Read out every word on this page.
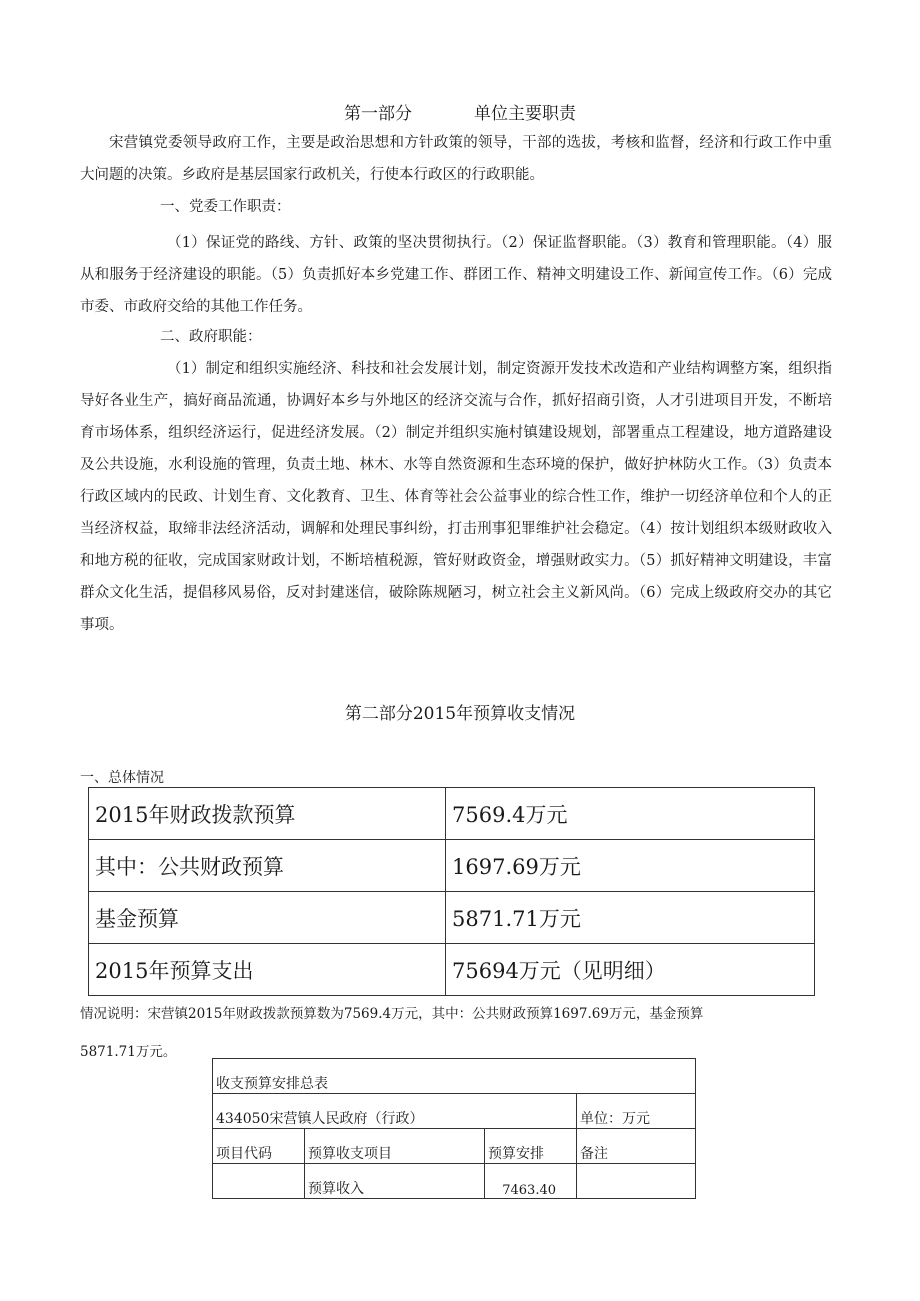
第一部分	单位主要职责

宋营镇党委领导政府工作，主要是政治思想和方针政策的领导，干部的选拔，考核和监督，经济和行政工作中重大问题的决策。乡政府是基层国家行政机关，行使本行政区的行政职能。

一、党委工作职责：

（1）保证党的路线、方针、政策的坚决贯彻执行。（2）保证监督职能。（3）教育和管理职能。（4）服从和服务于经济建设的职能。（5）负责抓好本乡党建工作、群团工作、精神文明建设工作、新闻宣传工作。（6）完成市委、市政府交给的其他工作任务。

二、政府职能：

（1）制定和组织实施经济、科技和社会发展计划，制定资源开发技术改造和产业结构调整方案，组织指导好各业生产，搞好商品流通，协调好本乡与外地区的经济交流与合作，抓好招商引资，人才引进项目开发，不断培育市场体系，组织经济运行，促进经济发展。（2）制定并组织实施村镇建设规划，部署重点工程建设，地方道路建设及公共设施，水利设施的管理，负责土地、林木、水等自然资源和生态环境的保护，做好护林防火工作。（3）负责本行政区域内的民政、计划生育、文化教育、卫生、体育等社会公益事业的综合性工作，维护一切经济单位和个人的正当经济权益，取缔非法经济活动，调解和处理民事纠纷，打击刑事犯罪维护社会稳定。（4）按计划组织本级财政收入和地方税的征收，完成国家财政计划，不断培植税源，管好财政资金，增强财政实力。（5）抓好精神文明建设，丰富群众文化生活，提倡移风易俗，反对封建迷信，破除陈规陋习，树立社会主义新风尚。（6）完成上级政府交办的其它事项。

第二部分2015年预算收支情况

一、总体情况

2015年财政拨款预算	7569.4万元
其中：公共财政预算	1697.69万元
基金预算	5871.71万元
2015年预算支出	75694万元（见明细）

情况说明：宋营镇2015年财政拨款预算数为7569.4万元，其中：公共财政预算1697.69万元，基金预算

5871.71万元。

收支预算安排总表			
434050宋营镇人民政府（行政）			单位：万元
项目代码	预算收支项目	预算安排	备注
	预算收入	7463.40	
